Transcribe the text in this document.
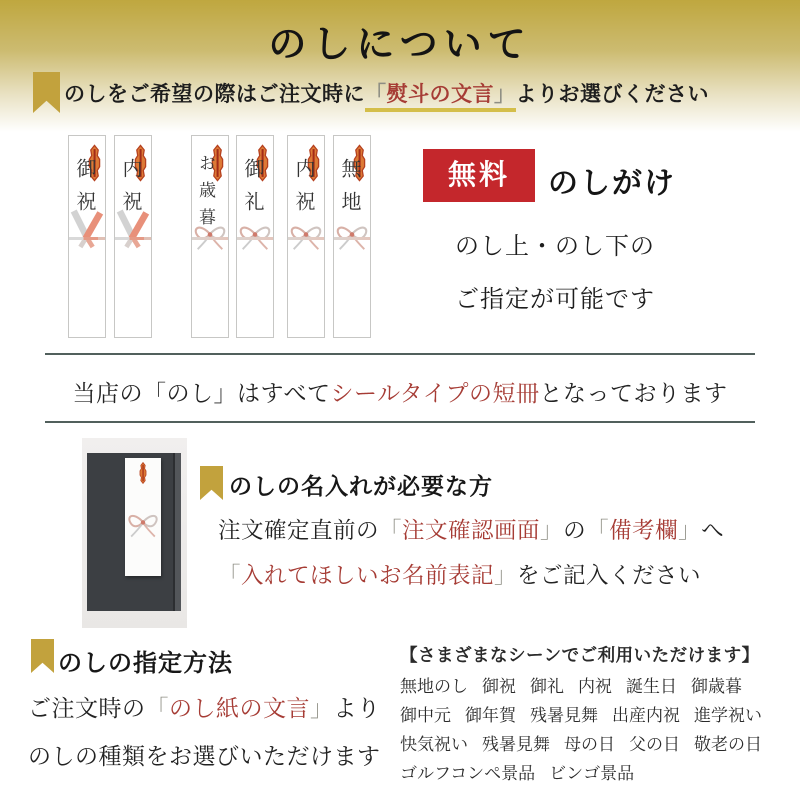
のしについて
のしをご希望の際はご注文時に「熨斗の文言」よりお選びください
御祝 内祝	お歳暮 御礼 内祝 無地	無料	のしがけ
のし上・のし下の
ご指定が可能です
当店の「のし」はすべてシールタイプの短冊となっております
のしの名入れが必要な方
注文確定直前の「注文確認画面」の「備考欄」へ
「入れてほしいお名前表記」をご記入ください
のしの指定方法
ご注文時の「のし紙の文言」より
のしの種類をお選びいただけます
【さまざまなシーンでご利用いただけます】
無地のし 御祝 御礼 内祝 誕生日 御歳暮
御中元 御年賀 残暑見舞 出産内祝 進学祝い
快気祝い 残暑見舞 母の日 父の日 敬老の日
ゴルフコンペ景品 ビンゴ景品
